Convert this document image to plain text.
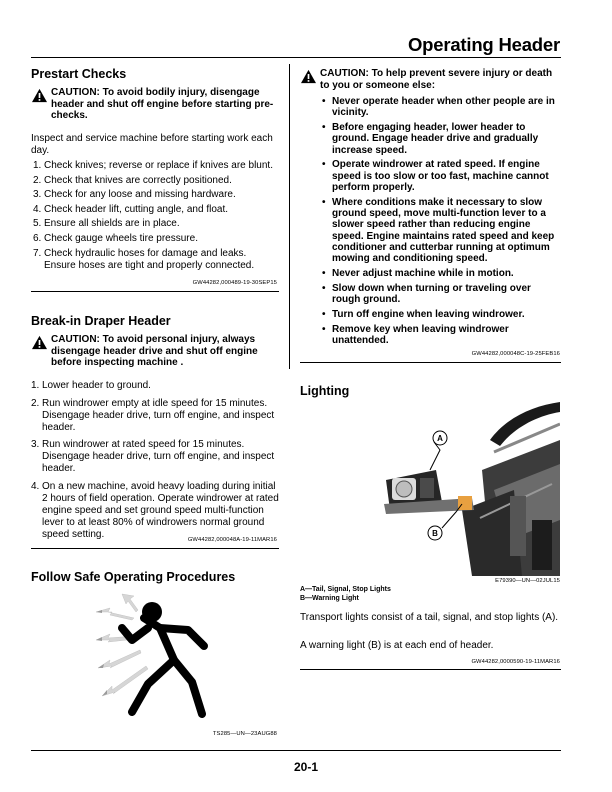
Operating Header
Prestart Checks
CAUTION: To avoid bodily injury, disengage header and shut off engine before starting pre-checks.
Inspect and service machine before starting work each day.
1. Check knives; reverse or replace if knives are blunt.
2. Check that knives are correctly positioned.
3. Check for any loose and missing hardware.
4. Check header lift, cutting angle, and float.
5. Ensure all shields are in place.
6. Check gauge wheels tire pressure.
7. Check hydraulic hoses for damage and leaks. Ensure hoses are tight and properly connected.
GW44282,000489-19-30SEP15
Break-in Draper Header
CAUTION: To avoid personal injury, always disengage header drive and shut off engine before inspecting machine .
1. Lower header to ground.
2. Run windrower empty at idle speed for 15 minutes. Disengage header drive, turn off engine, and inspect header.
3. Run windrower at rated speed for 15 minutes. Disengage header drive, turn off engine, and inspect header.
4. On a new machine, avoid heavy loading during initial 2 hours of field operation. Operate windrower at rated engine speed and set ground speed multi-function lever to at least 80% of windrowers normal ground speed setting.
GW44282,000048A-19-11MAR16
Follow Safe Operating Procedures
TS285—UN—23AUG88
CAUTION: To help prevent severe injury or death to you or someone else:
• Never operate header when other people are in vicinity.
• Before engaging header, lower header to ground. Engage header drive and gradually increase speed.
• Operate windrower at rated speed. If engine speed is too slow or too fast, machine cannot perform properly.
• Where conditions make it necessary to slow ground speed, move multi-function lever to a slower speed rather than reducing engine speed. Engine maintains rated speed and keep conditioner and cutterbar running at optimum mowing and conditioning speed.
• Never adjust machine while in motion.
• Slow down when turning or traveling over rough ground.
• Turn off engine when leaving windrower.
• Remove key when leaving windrower unattended.
GW44282,000048C-19-25FEB16
Lighting
A
B
E79390—UN—02JUL15
A—Tail, Signal, Stop Lights
B—Warning Light
Transport lights consist of a tail, signal, and stop lights (A).
A warning light (B) is at each end of header.
GW44282,0000590-19-11MAR16
20-1
